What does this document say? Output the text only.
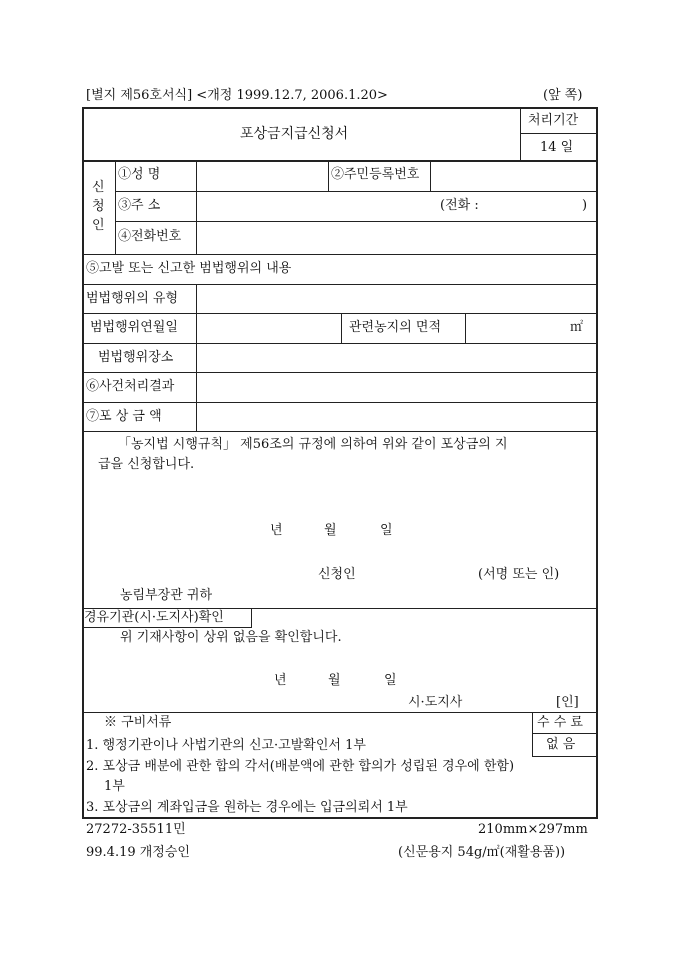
[별지 제56호서식] <개정 1999.12.7, 2006.1.20>	(앞 쪽)
포상금지급신청서
처리기간
14 일
신
청
인
①성 명	②주민등록번호
③주 소	(전화 :	)
④전화번호
⑤고발 또는 신고한 범법행위의 내용
범법행위의 유형
범법행위연월일	관련농지의 면적	㎡
범법행위장소
⑥사건처리결과
⑦포 상 금 액
「농지법 시행규칙」 제56조의 규정에 의하여 위와 같이 포상금의 지
급을 신청합니다.
년	월	일
신청인	(서명 또는 인)
농림부장관 귀하
경유기관(시·도지사)확인
위 기재사항이 상위 없음을 확인합니다.
년	월	일
시·도지사	[인]
※ 구비서류
1. 행정기관이나 사법기관의 신고·고발확인서 1부
2. 포상금 배분에 관한 합의 각서(배분액에 관한 합의가 성립된 경우에 한함)
1부
3. 포상금의 계좌입금을 원하는 경우에는 입금의뢰서 1부
수 수 료
없 음
27272-35511민	210mm×297mm
99.4.19 개정승인	(신문용지 54g/㎡(재활용품))
